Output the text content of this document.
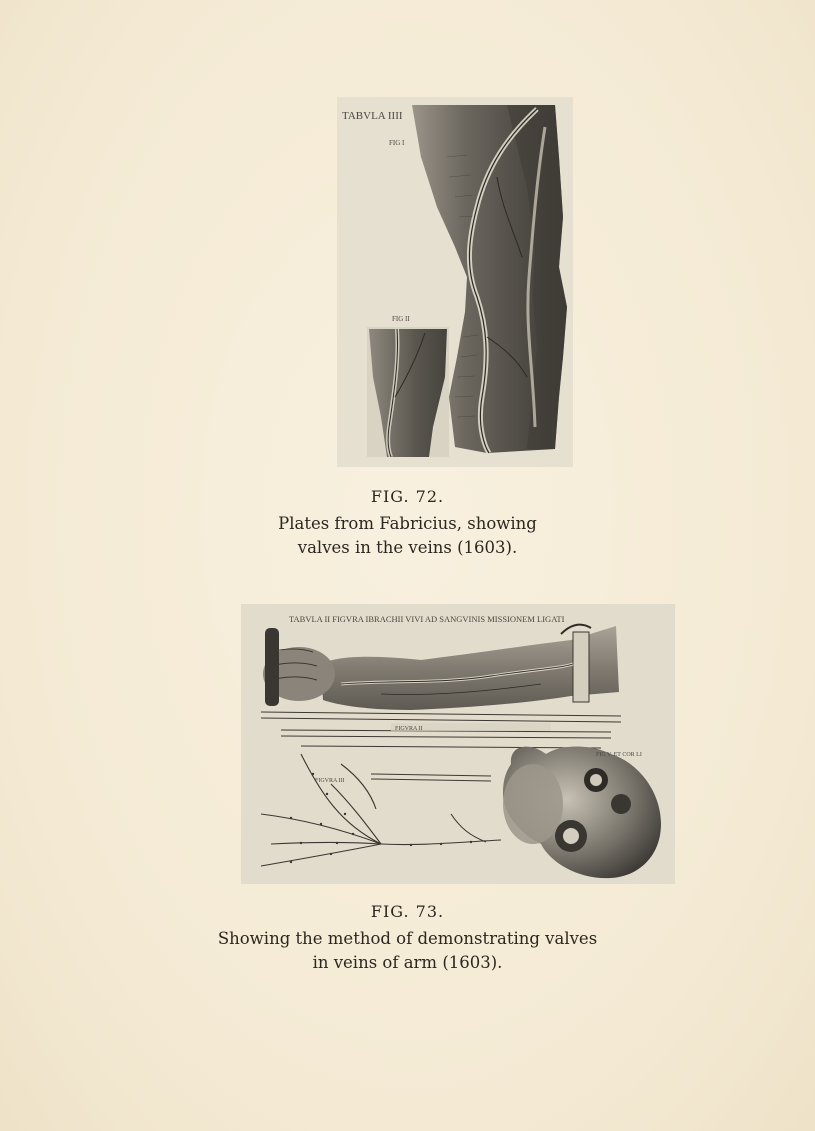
TABVLA IIII
FIG I
FIG II
FIG. 72.
Plates from Fabricius, showing
valves in the veins (1603).
TABVLA II FIGVRA IBRACHII VIVI AD SANGVINIS MISSIONEM LIGATI
FIGVRA II
FIGVRA III
FIG V. ET COR LI
FIG. 73.
Showing the method of demonstrating valves
in veins of arm (1603).
